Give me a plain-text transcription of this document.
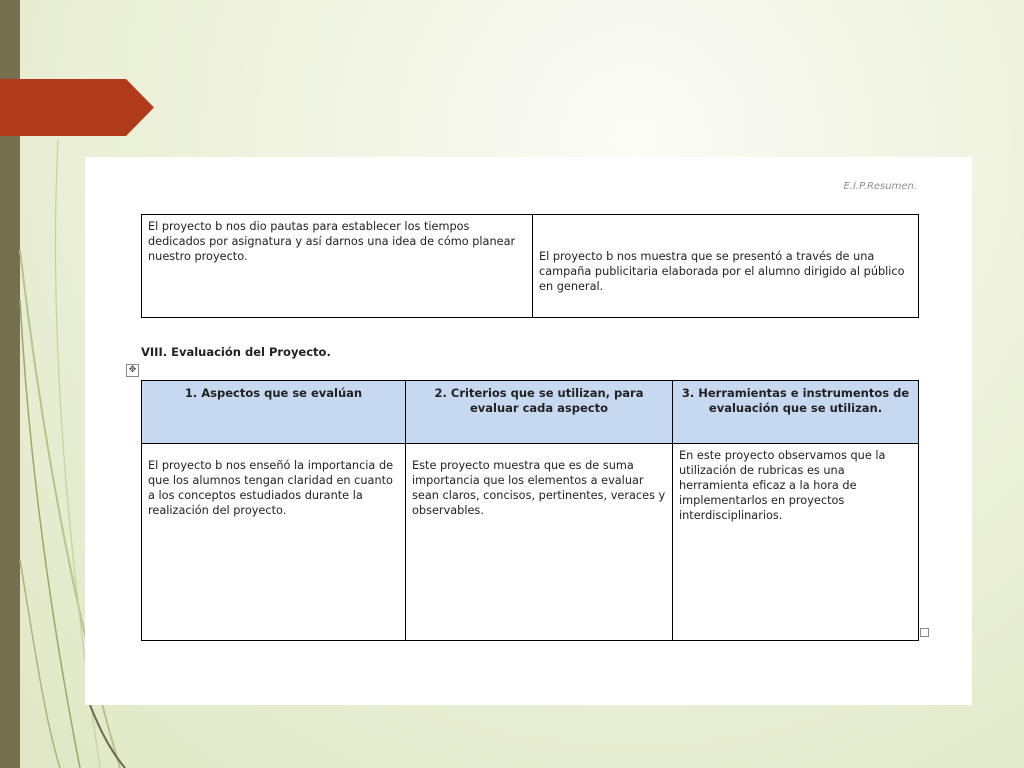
E.I.P.Resumen.
El proyecto b nos dio pautas para establecer los tiempos dedicados por asignatura y así darnos una idea de cómo planear nuestro proyecto.	El proyecto b nos muestra que se presentó a través de una campaña publicitaria elaborada por el alumno dirigido al público en general.
VIII. Evaluación del Proyecto.
✥
1. Aspectos que se evalúan	2. Criterios que se utilizan, para evaluar cada aspecto	3. Herramientas e instrumentos de evaluación que se utilizan.
El proyecto b nos enseñó la importancia de que los alumnos tengan claridad en cuanto a los conceptos estudiados durante la realización del proyecto.	Este proyecto muestra que es de suma importancia que los elementos a evaluar sean claros, concisos, pertinentes, veraces y observables.	En este proyecto observamos que la utilización de rubricas es una herramienta eficaz a la hora de implementarlos en proyectos interdisciplinarios.
